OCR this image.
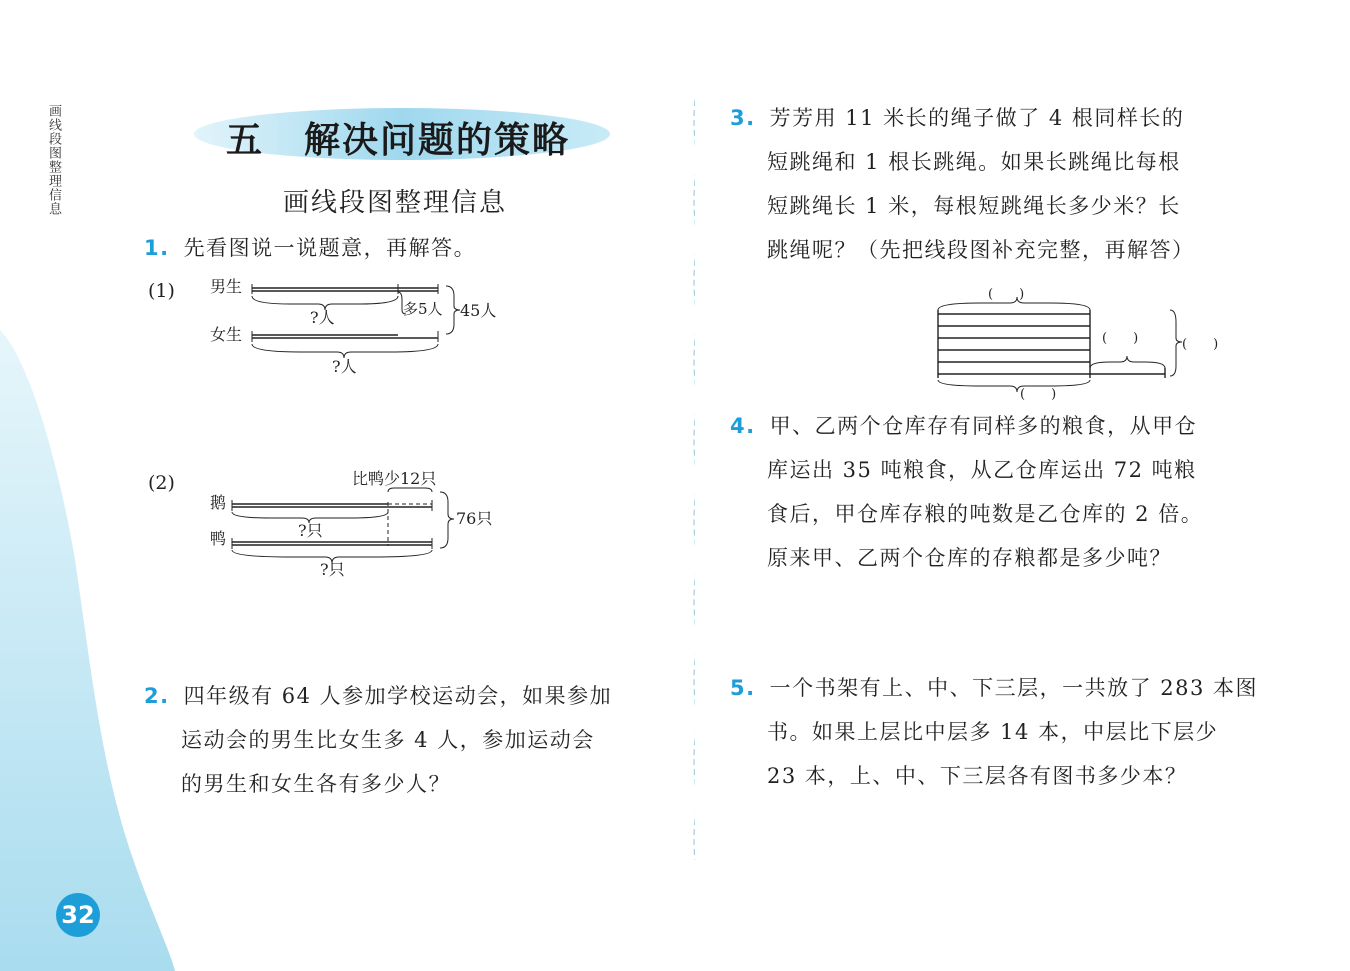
画线段图整理信息	五 解决问题的策略
画线段图整理信息
1. 先看图说一说题意，再解答。
(1) 男生
?人	多5人 45人
女生
?人
(2)	比鸭少12只
鹅
?只
76只
鸭
?只
2. 四年级有 64 人参加学校运动会，如果参加
运动会的男生比女生多 4 人，参加运动会
的男生和女生各有多少人？
3. 芳芳用 11 米长的绳子做了 4 根同样长的
短跳绳和 1 根长跳绳。如果长跳绳比每根
短跳绳长 1 米，每根短跳绳长多少米？长
跳绳呢？（先把线段图补充完整，再解答）
(　　)
(　　)	(　　)
(　　)
4. 甲、乙两个仓库存有同样多的粮食，从甲仓
库运出 35 吨粮食，从乙仓库运出 72 吨粮
食后，甲仓库存粮的吨数是乙仓库的 2 倍。
原来甲、乙两个仓库的存粮都是多少吨？
5. 一个书架有上、中、下三层，一共放了 283 本图
书。如果上层比中层多 14 本，中层比下层少
23 本，上、中、下三层各有图书多少本？
32
